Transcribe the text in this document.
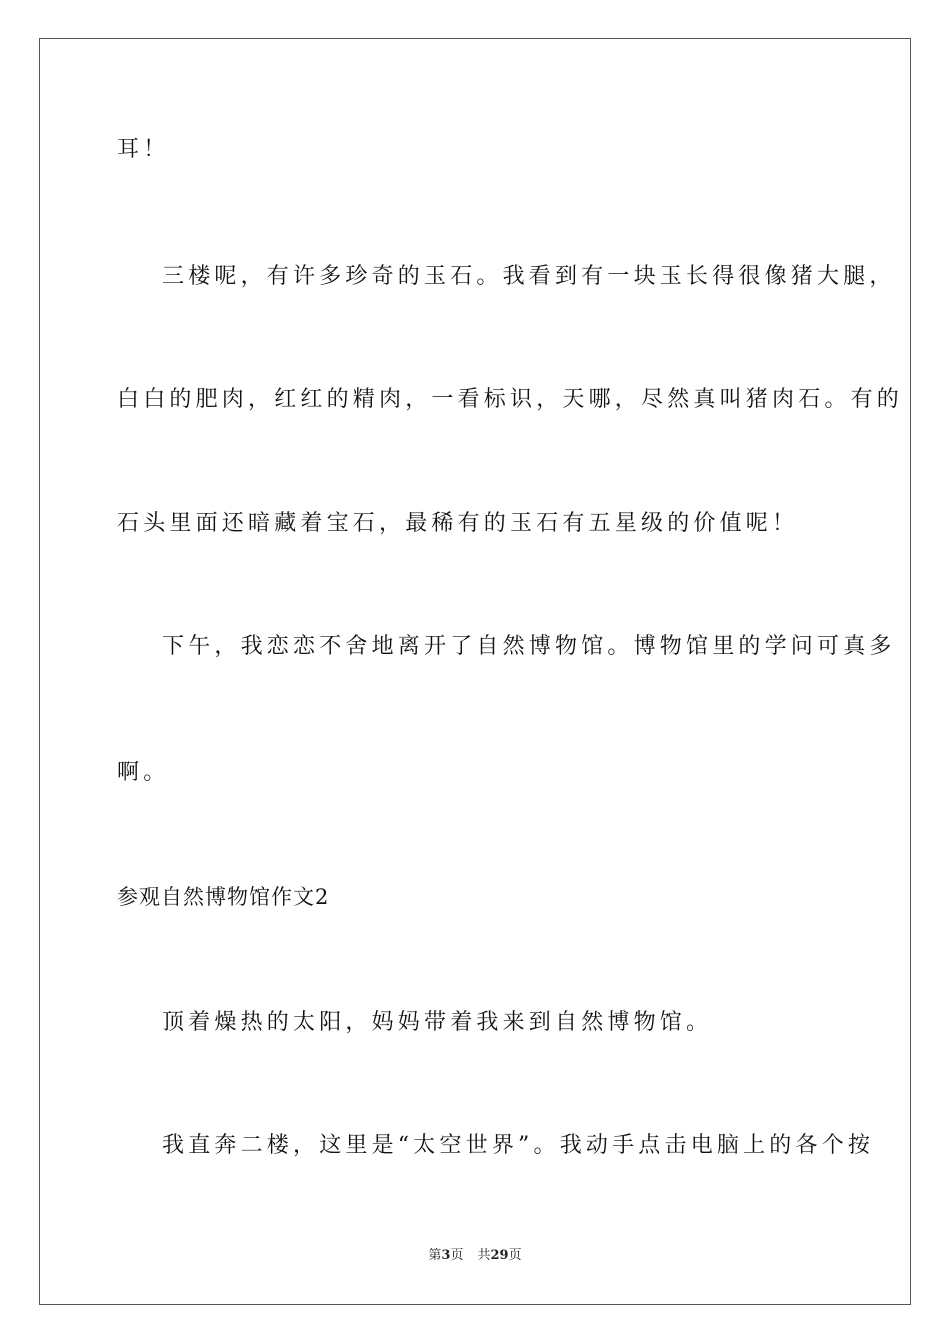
耳！
三楼呢，有许多珍奇的玉石。我看到有一块玉长得很像猪大腿，
白白的肥肉，红红的精肉，一看标识，天哪，尽然真叫猪肉石。有的
石头里面还暗藏着宝石，最稀有的玉石有五星级的价值呢！
下午，我恋恋不舍地离开了自然博物馆。博物馆里的学问可真多
啊。
参观自然博物馆作文2
顶着燥热的太阳，妈妈带着我来到自然博物馆。
我直奔二楼，这里是“太空世界”。我动手点击电脑上的各个按
第3页 共29页
